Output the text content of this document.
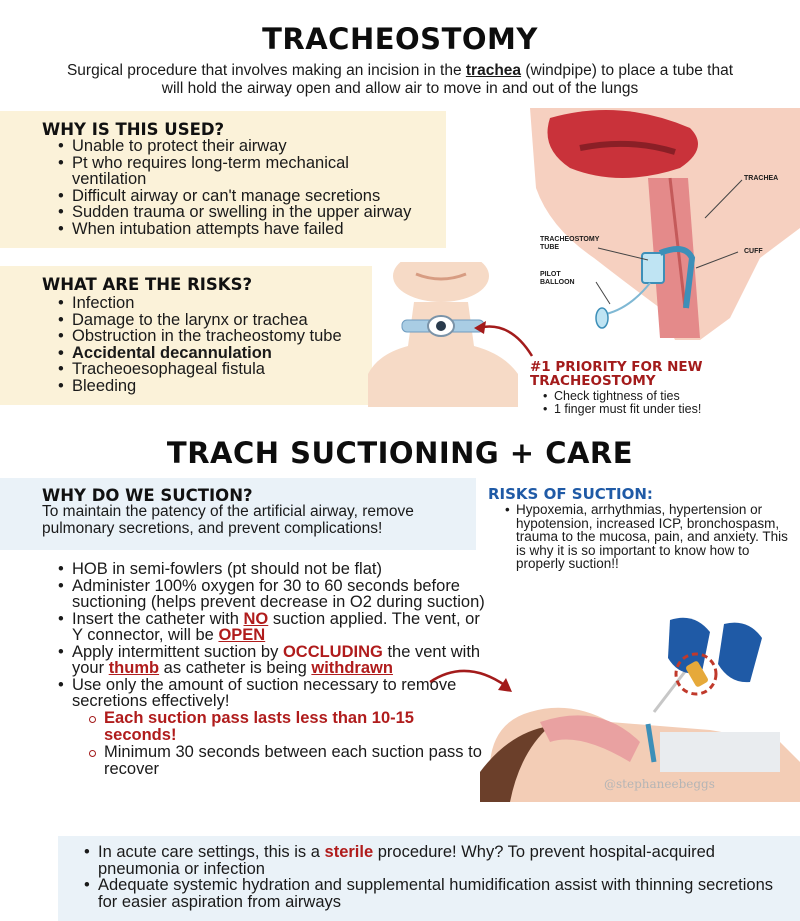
TRACHEOSTOMY
Surgical procedure that involves making an incision in the trachea (windpipe) to place a tube that will hold the airway open and allow air to move in and out of the lungs
WHY IS THIS USED?
• Unable to protect their airway
• Pt who requires long-term mechanical ventilation
• Difficult airway or can't manage secretions
• Sudden trauma or swelling in the upper airway
• When intubation attempts have failed
WHAT ARE THE RISKS?
• Infection
• Damage to the larynx or trachea
• Obstruction in the tracheostomy tube
• Accidental decannulation
• Tracheoesophageal fistula
• Bleeding
TRACHEA
TRACHEOSTOMY
TUBE
CUFF
PILOT
BALLOON
#1 PRIORITY FOR NEW
TRACHEOSTOMY
• Check tightness of ties
• 1 finger must fit under ties!
TRACH SUCTIONING + CARE
WHY DO WE SUCTION?
To maintain the patency of the artificial airway, remove pulmonary secretions, and prevent complications!
RISKS OF SUCTION:
• Hypoxemia, arrhythmias, hypertension or hypotension, increased ICP, bronchospasm, trauma to the mucosa, pain, and anxiety. This is why it is so important to know how to properly suction!!
• HOB in semi-fowlers (pt should not be flat)
• Administer 100% oxygen for 30 to 60 seconds before suctioning (helps prevent decrease in O2 during suction)
• Insert the catheter with NO suction applied. The vent, or Y connector, will be OPEN
• Apply intermittent suction by OCCLUDING the vent with your thumb as catheter is being withdrawn
• Use only the amount of suction necessary to remove secretions effectively!
Each suction pass lasts less than 10-15 seconds!
Minimum 30 seconds between each suction pass to recover
@stephaneebeggs
• In acute care settings, this is a sterile procedure! Why? To prevent hospital-acquired pneumonia or infection
• Adequate systemic hydration and supplemental humidification assist with thinning secretions for easier aspiration from airways
